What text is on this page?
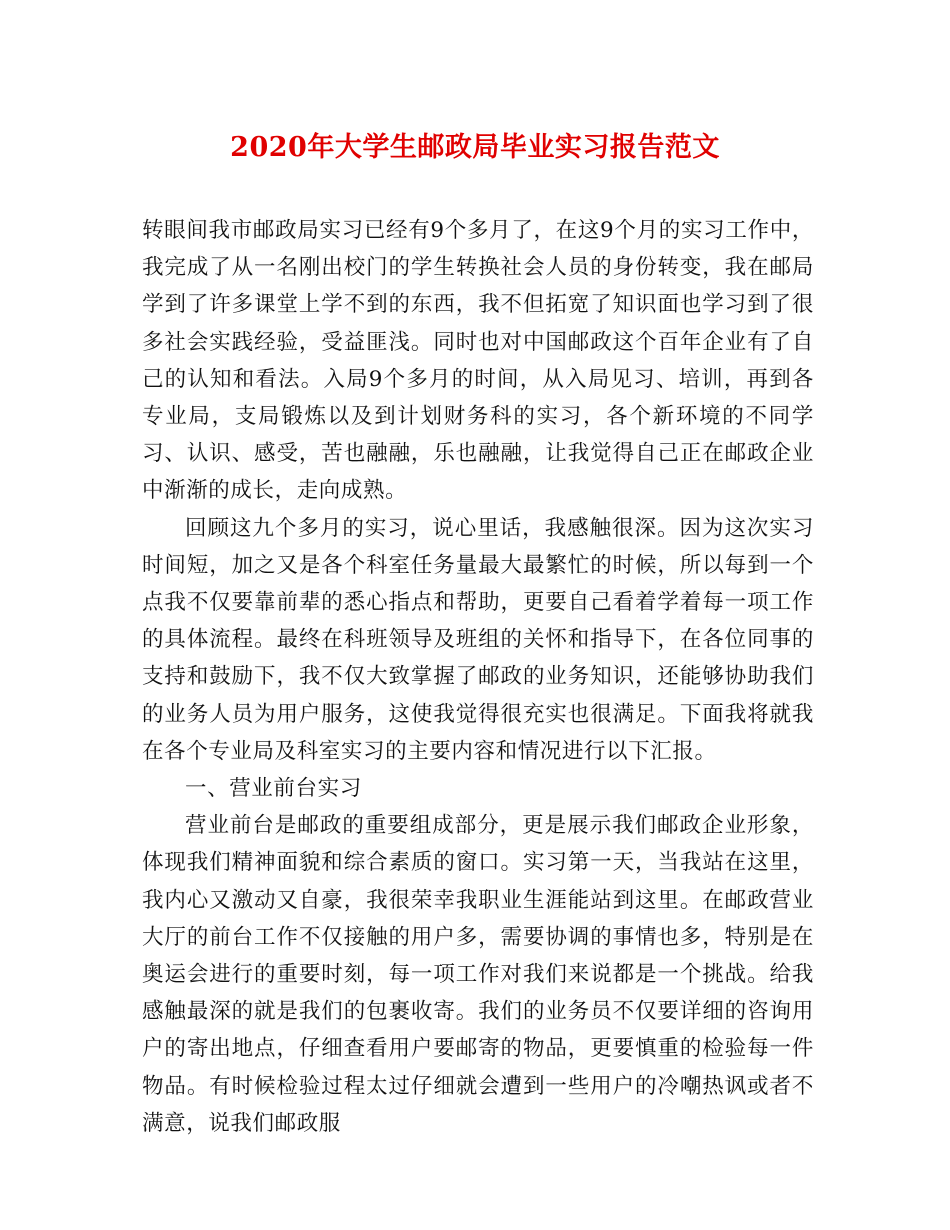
2020年大学生邮政局毕业实习报告范文

转眼间我市邮政局实习已经有9个多月了，在这9个月的实习工作中，我完成了从一名刚出校门的学生转换社会人员的身份转变，我在邮局学到了许多课堂上学不到的东西，我不但拓宽了知识面也学习到了很多社会实践经验，受益匪浅。同时也对中国邮政这个百年企业有了自己的认知和看法。入局9个多月的时间，从入局见习、培训，再到各专业局，支局锻炼以及到计划财务科的实习，各个新环境的不同学习、认识、感受，苦也融融，乐也融融，让我觉得自己正在邮政企业中渐渐的成长，走向成熟。

回顾这九个多月的实习，说心里话，我感触很深。因为这次实习时间短，加之又是各个科室任务量最大最繁忙的时候，所以每到一个点我不仅要靠前辈的悉心指点和帮助，更要自己看着学着每一项工作的具体流程。最终在科班领导及班组的关怀和指导下，在各位同事的支持和鼓励下，我不仅大致掌握了邮政的业务知识，还能够协助我们的业务人员为用户服务，这使我觉得很充实也很满足。下面我将就我在各个专业局及科室实习的主要内容和情况进行以下汇报。

一、营业前台实习

营业前台是邮政的重要组成部分，更是展示我们邮政企业形象，体现我们精神面貌和综合素质的窗口。实习第一天，当我站在这里，我内心又激动又自豪，我很荣幸我职业生涯能站到这里。在邮政营业大厅的前台工作不仅接触的用户多，需要协调的事情也多，特别是在奥运会进行的重要时刻，每一项工作对我们来说都是一个挑战。给我感触最深的就是我们的包裹收寄。我们的业务员不仅要详细的咨询用户的寄出地点，仔细查看用户要邮寄的物品，更要慎重的检验每一件物品。有时候检验过程太过仔细就会遭到一些用户的冷嘲热讽或者不满意，说我们邮政服
